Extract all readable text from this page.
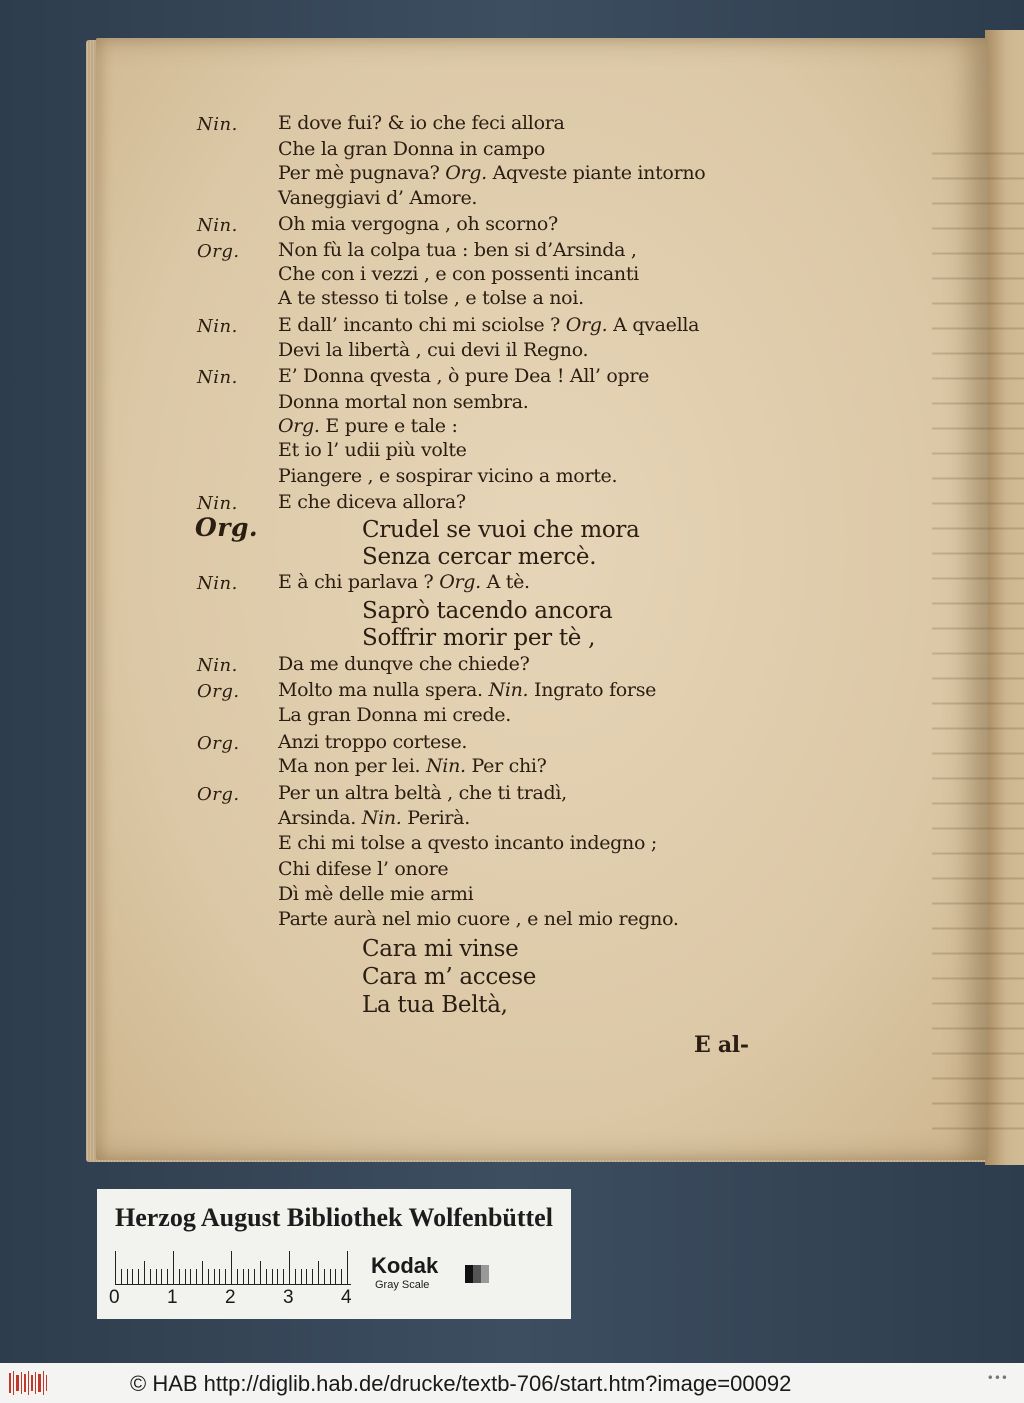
Nin. E dove fui? & io che feci allora
Che la gran Donna in campo
Per mè pugnava? Org. Aqveste piante intorno
Vaneggiavi d’ Amore.
Nin. Oh mia vergogna , oh scorno?
Org. Non fù la colpa tua : ben si d’Arsinda ,
Che con i vezzi , e con possenti incanti
A te stesso ti tolse , e tolse a noi.
Nin. E dall’ incanto chi mi sciolse ? Org. A qvaella
Devi la libertà , cui devi il Regno.
Nin. E’ Donna qvesta , ò pure Dea ! All’ opre
Donna mortal non sembra.
Org. E pure e tale :
Et io l’ udii più volte
Piangere , e sospirar vicino a morte.
Nin. E che diceva allora?
Org.	Crudel se vuoi che mora
Senza cercar mercè.
Nin. E à chi parlava ? Org. A tè.
Saprò tacendo ancora
Soffrir morir per tè ,
Nin. Da me dunqve che chiede?
Org. Molto ma nulla spera. Nin. Ingrato forse
La gran Donna mi crede.
Org. Anzi troppo cortese.
Ma non per lei. Nin. Per chi?
Org. Per un altra beltà , che ti tradì,
Arsinda. Nin. Perirà.
E chi mi tolse a qvesto incanto indegno ;
Chi difese l’ onore
Dì mè delle mie armi
Parte aurà nel mio cuore , e nel mio regno.
Cara mi vinse
Cara m’ accese
La tua Beltà,
E al-
Herzog August Bibliothek Wolfenbüttel
0 1 2 3 4
Kodak
Gray Scale
© HAB http://diglib.hab.de/drucke/textb-706/start.htm?image=00092	•••
